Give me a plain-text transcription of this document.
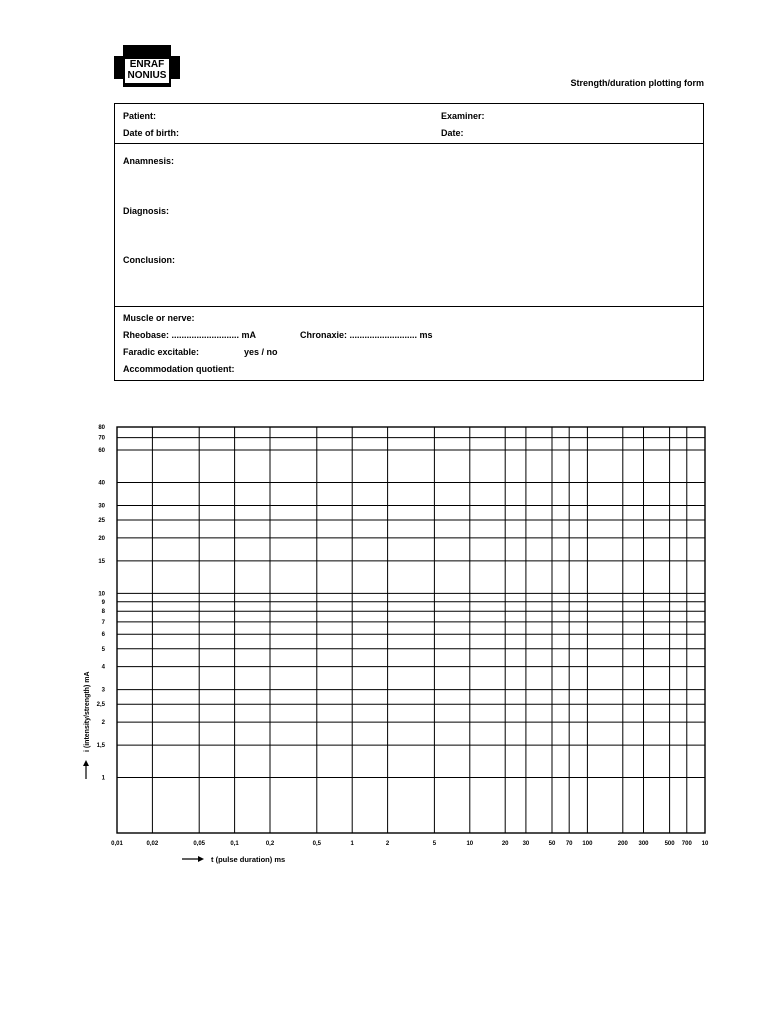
ENRAF
NONIUS
Strength/duration plotting form
Patient:	Examiner:
Date of birth:	Date:
Anamnesis:
Diagnosis:
Conclusion:
Muscle or nerve:
Rheobase: ........................... mA	Chronaxie: ........................... ms
Faradic excitable:	yes / no
Accommodation quotient:
0,01	0,02	0,05	0,1	0,2	0,5	1	2	5	10	20 30	50 70 100	200 300	500 700 10
1
1,5
2
2,5
3
4
5
6
7
8
9
10
15
20
25
30
40
60
70
80
t (pulse duration) ms
i (intensity/strength) mA
